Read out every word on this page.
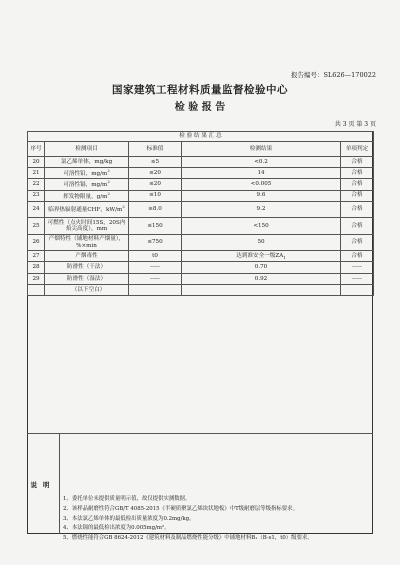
报告编号：SL626—170022
国家建筑工程材料质量监督检验中心
检 验 报 告
共 3 页 第 3 页
检 验 结 果 汇 总				
序号	检测项目	标准值	检测结果	单项判定
20	氯乙烯单体，mg/kg	≤5	<0.2	合格
21	可溶性铅，$mg/m^2$	≤20	14	合格
22	可溶性镉，$mg/m^2$	≤20	<0.005	合格
23	挥发物限量，$g/m^2$	≤10	9.6	合格
24	临界热辐射通量CHF，$kW/m^2$	≥8.0	9.2	合格
25	可燃性（点火时间15S，20S内焰尖高度），mm	≤150	<150	合格
26	产烟特性（铺地材料产烟量），%×min	≤750	50	合格
27	产烟毒性	t0	达到准安全一级$ZA_1$	合格
28	防滑性（干法）	-----	0.70	-----
29	防滑性（湿法）	-----	0.92	-----
	（以下空白）			
说明
1、委托单位未提供质量明示值，故仅提供实测数据。
2、该样品耐磨性符合GB/T 4085-2015《半硬质聚氯乙烯块状地板》中T级耐磨层等级指标要求。
3、本法氯乙烯单体的最低检出质量浓度为0.2mg/kg。
4、本法镉的最低检出浓度为0.005mg/m²。
5、燃烧性能符合GB 8624-2012《建筑材料及制品燃烧性能分级》中铺地材料B₁（B-s1，t0）级要求。
